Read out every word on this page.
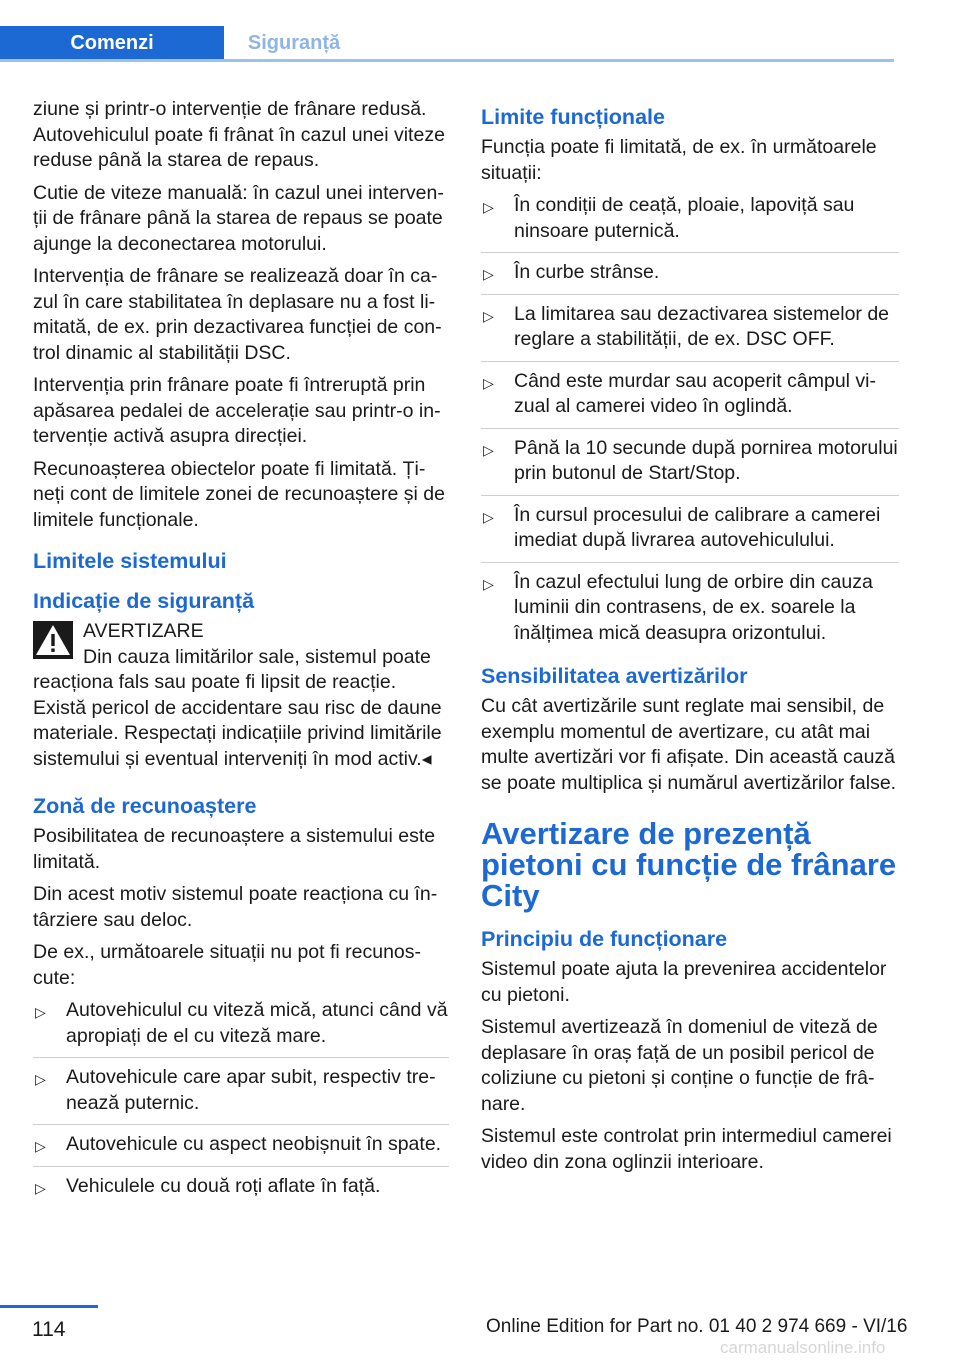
Comenzi	Siguranță

ziune și printr-o intervenție de frânare redusă. Autovehiculul poate fi frânat în cazul unei viteze reduse până la starea de repaus.

Cutie de viteze manuală: în cazul unei intervenții de frânare până la starea de repaus se poate ajunge la deconectarea motorului.

Intervenția de frânare se realizează doar în cazul în care stabilitatea în deplasare nu a fost limitată, de ex. prin dezactivarea funcției de control dinamic al stabilității DSC.

Intervenția prin frânare poate fi întreruptă prin apăsarea pedalei de accelerație sau printr-o intervenție activă asupra direcției.

Recunoașterea obiectelor poate fi limitată. Țineți cont de limitele zonei de recunoaștere și de limitele funcționale.

Limitele sistemului
Indicație de siguranță
AVERTIZARE
Din cauza limitărilor sale, sistemul poate reacționa fals sau poate fi lipsit de reacție. Există pericol de accidentare sau risc de daune materiale. Respectați indicațiile privind limitările sistemului și eventual interveniți în mod activ.◂
Zonă de recunoaștere

Posibilitatea de recunoaștere a sistemului este limitată.

Din acest motiv sistemul poate reacționa cu întârziere sau deloc.

De ex., următoarele situații nu pot fi recunoscute:

▷ Autovehiculul cu viteză mică, atunci când vă apropiați de el cu viteză mare.
▷ Autovehicule care apar subit, respectiv trenează puternic.
▷ Autovehicule cu aspect neobișnuit în spate.
▷ Vehiculele cu două roți aflate în față.
Limite funcționale

Funcția poate fi limitată, de ex. în următoarele situații:

▷ În condiții de ceață, ploaie, lapoviță sau ninsoare puternică.
▷ În curbe strânse.
▷ La limitarea sau dezactivarea sistemelor de reglare a stabilității, de ex. DSC OFF.
▷ Când este murdar sau acoperit câmpul vizual al camerei video în oglindă.
▷ Până la 10 secunde după pornirea motorului prin butonul de Start/Stop.
▷ În cursul procesului de calibrare a camerei imediat după livrarea autovehiculului.
▷ În cazul efectului lung de orbire din cauza luminii din contrasens, de ex. soarele la înălțimea mică deasupra orizontului.
Sensibilitatea avertizărilor

Cu cât avertizările sunt reglate mai sensibil, de exemplu momentul de avertizare, cu atât mai multe avertizări vor fi afișate. Din această cauză se poate multiplica și numărul avertizărilor false.

Avertizare de prezență pietoni cu funcție de frânare City
Principiu de funcționare

Sistemul poate ajuta la prevenirea accidentelor cu pietoni.

Sistemul avertizează în domeniul de viteză de deplasare în oraș față de un posibil pericol de coliziune cu pietoni și conține o funcție de frânare.

Sistemul este controlat prin intermediul camerei video din zona oglinzii interioare.

114	Online Edition for Part no. 01 40 2 974 669 - VI/16
carmanualsonline.info
